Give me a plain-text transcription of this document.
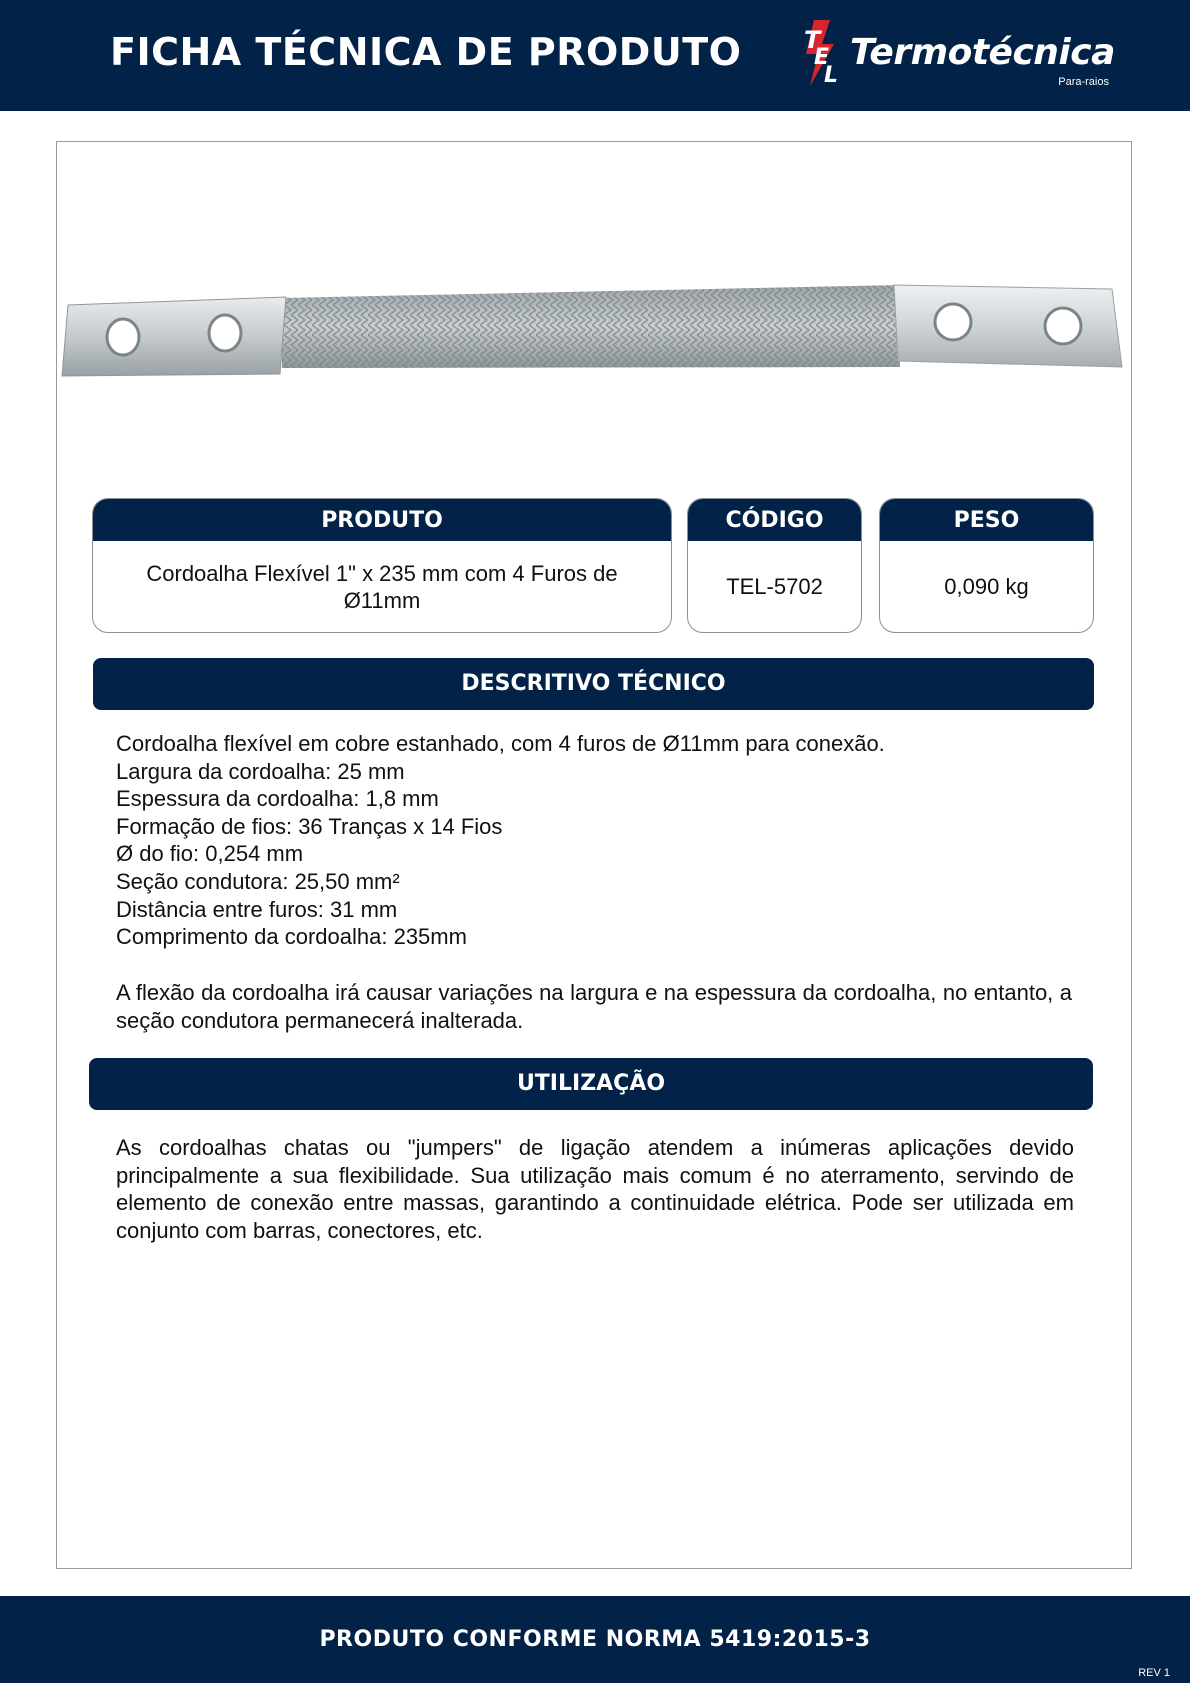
FICHA TÉCNICA DE PRODUTO	T
E
L
Termotécnica
Para-raios
PRODUTO
Cordoalha Flexível 1" x 235 mm com 4 Furos de Ø11mm
CÓDIGO
TEL-5702
PESO
0,090 kg
DESCRITIVO TÉCNICO
Cordoalha flexível em cobre estanhado, com 4 furos de Ø11mm para conexão.
Largura da cordoalha: 25 mm
Espessura da cordoalha: 1,8 mm
Formação de fios: 36 Tranças x 14 Fios
Ø do fio: 0,254 mm
Seção condutora: 25,50 mm²
Distância entre furos: 31 mm
Comprimento da cordoalha: 235mm

A flexão da cordoalha irá causar variações na largura e na espessura da cordoalha, no entanto, a seção condutora permanecerá inalterada.

UTILIZAÇÃO

As cordoalhas chatas ou "jumpers" de ligação atendem a inúmeras aplicações devido principalmente a sua flexibilidade. Sua utilização mais comum é no aterramento, servindo de elemento de conexão entre massas, garantindo a continuidade elétrica. Pode ser utilizada em conjunto com barras, conectores, etc.

PRODUTO CONFORME NORMA 5419:2015-3
REV 1
